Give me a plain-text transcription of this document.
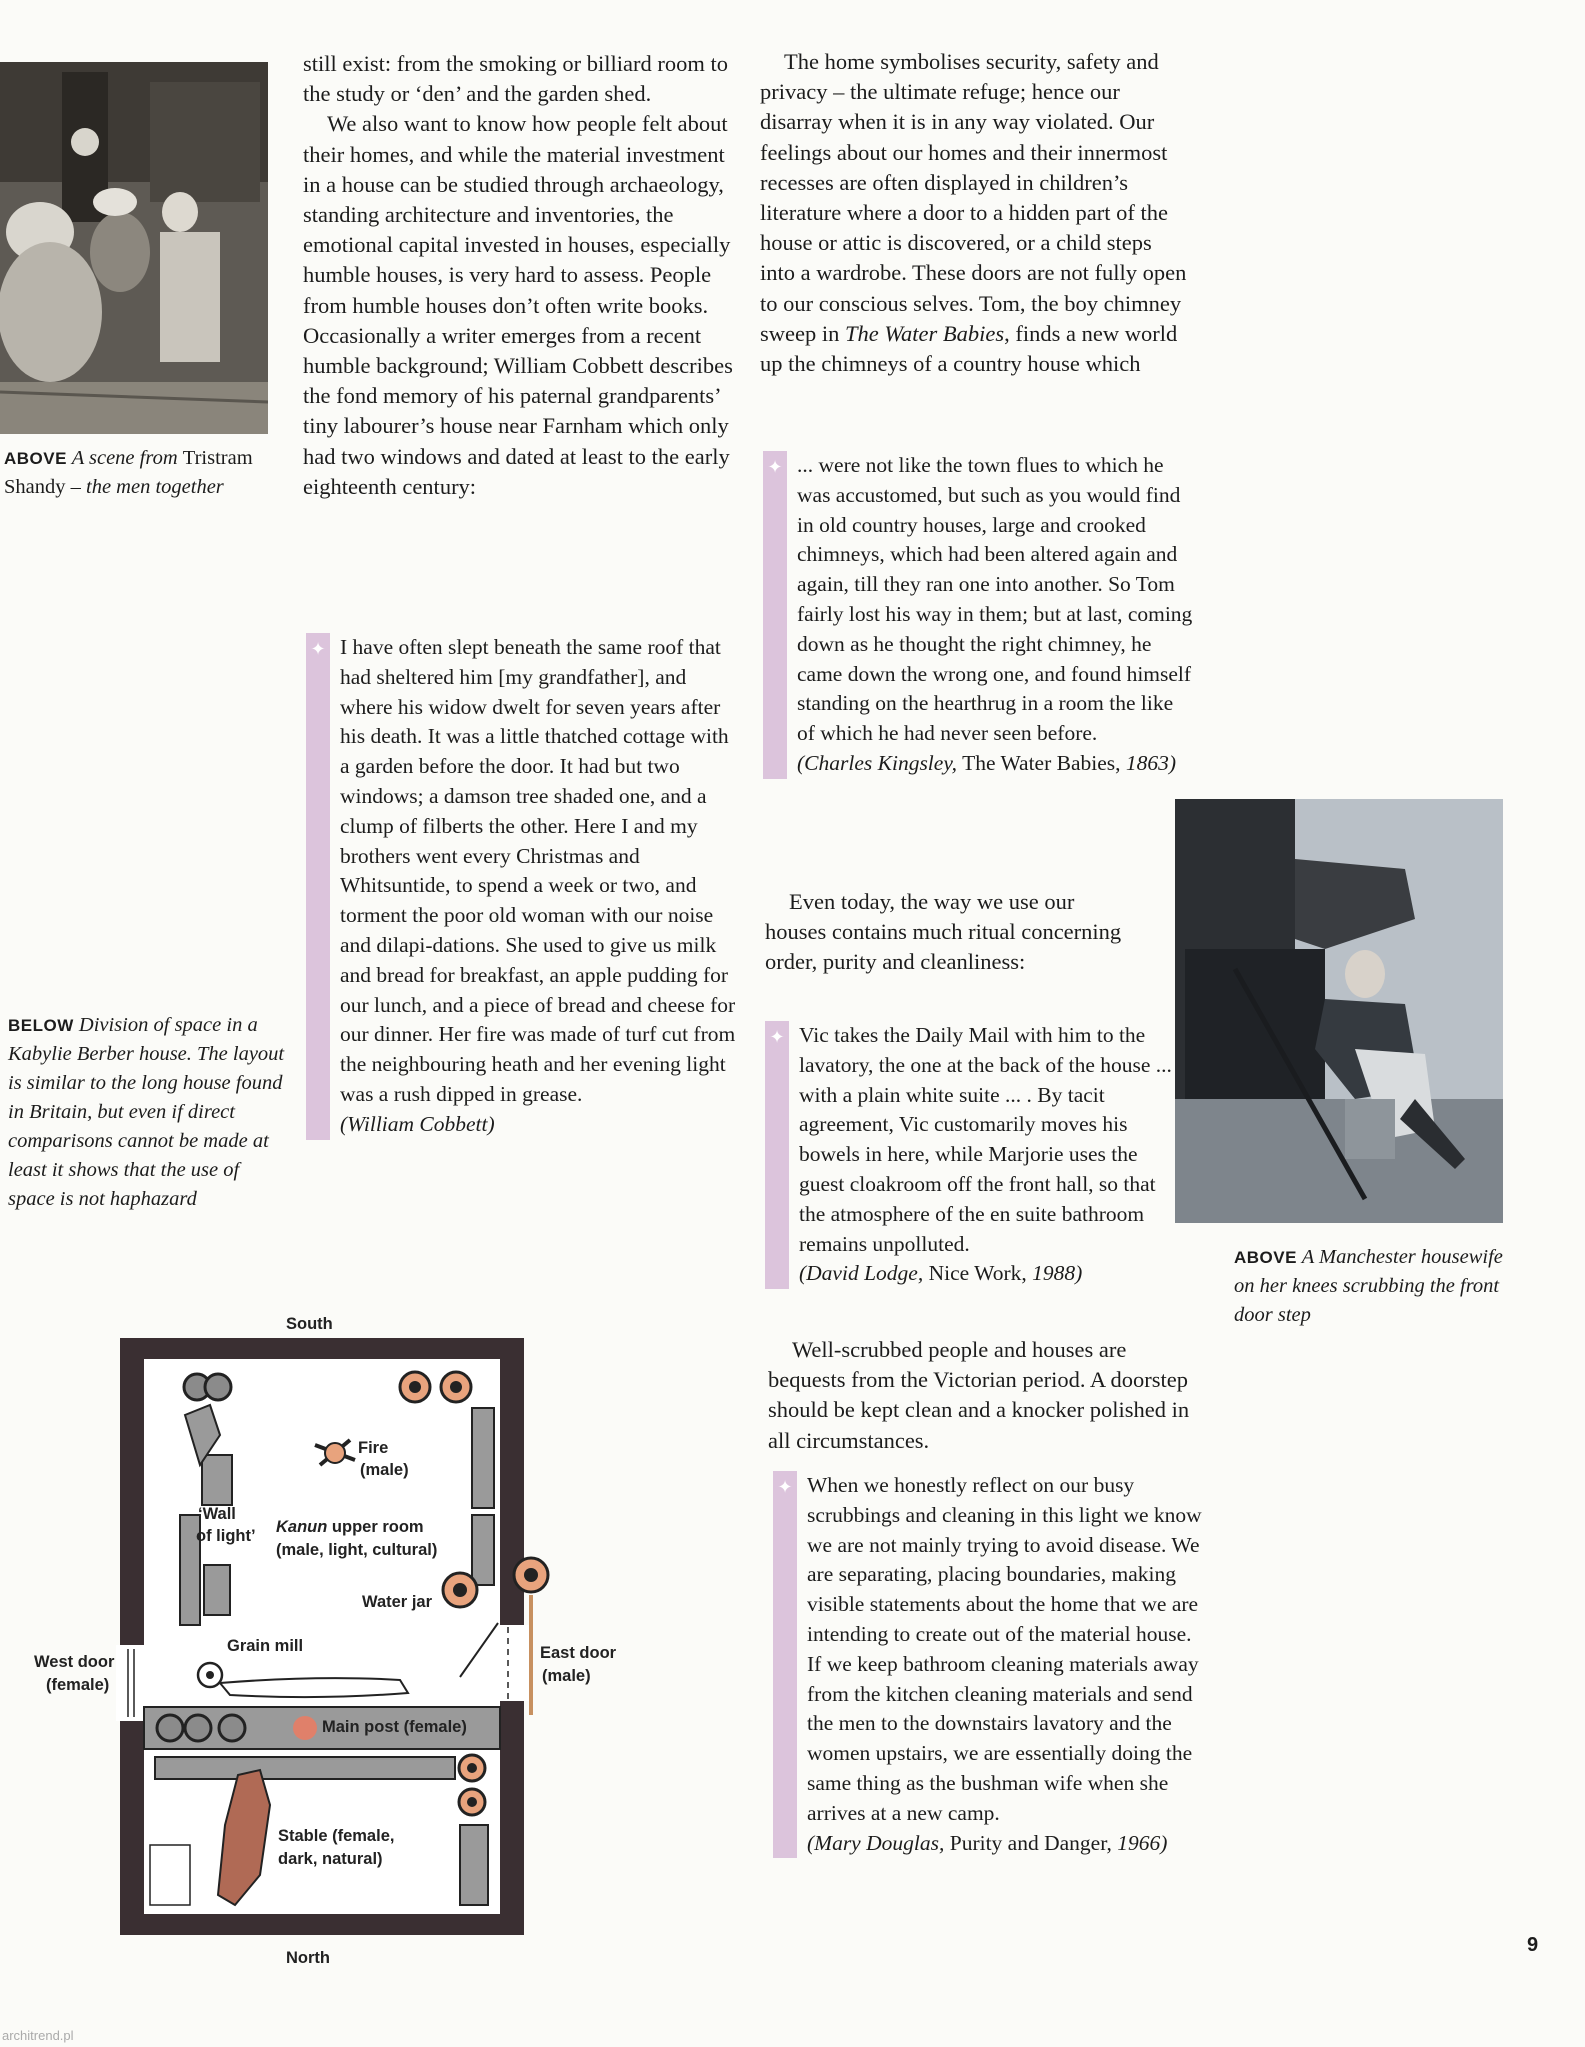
ABOVE A scene from Tristram Shandy – the men together
BELOW Division of space in a Kabylie Berber house. The layout is similar to the long house found in Britain, but even if direct comparisons cannot be made at least it shows that the use of space is not haphazard

still exist: from the smoking or billiard room to the study or ‘den’ and the garden shed.

We also want to know how people felt about their homes, and while the material investment in a house can be studied through archaeology, standing architecture and inventories, the emotional capital invested in houses, especially humble houses, is very hard to assess. People from humble houses don’t often write books. Occasionally a writer emerges from a recent humble background; William Cobbett describes the fond memory of his paternal grandparents’ tiny labourer’s house near Farnham which only had two windows and dated at least to the early eighteenth century:

✦ I have often slept beneath the same roof that had sheltered him [my grandfather], and where his widow dwelt for seven years after his death. It was a little thatched cottage with a garden before the door. It had but two windows; a damson tree shaded one, and a clump of filberts the other. Here I and my brothers went every Christmas and Whitsuntide, to spend a week or two, and torment the poor old woman with our noise and dilapi-dations. She used to give us milk and bread for breakfast, an apple pudding for our lunch, and a piece of bread and cheese for our dinner. Her fire was made of turf cut from the neighbouring heath and her evening light was a rush dipped in grease.
(William Cobbett)
South
North
Fire
(male)
‘Wall
of light’ Kanun upper room
(male, light, cultural)
Water jar
Grain mill
West door
(female)
East door
(male)
Main post (female)
Stable (female,
dark, natural)

The home symbolises security, safety and privacy – the ultimate refuge; hence our disarray when it is in any way violated. Our feelings about our homes and their innermost recesses are often displayed in children’s literature where a door to a hidden part of the house or attic is discovered, or a child steps into a wardrobe. These doors are not fully open to our conscious selves. Tom, the boy chimney sweep in The Water Babies, finds a new world up the chimneys of a country house which

✦ ... were not like the town flues to which he was accustomed, but such as you would find in old country houses, large and crooked chimneys, which had been altered again and again, till they ran one into another. So Tom fairly lost his way in them; but at last, coming down as he thought the right chimney, he came down the wrong one, and found himself standing on the hearthrug in a room the like of which he had never seen before.
(Charles Kingsley, The Water Babies, 1863)

Even today, the way we use our houses contains much ritual concerning order, purity and cleanliness:

✦ Vic takes the Daily Mail with him to the lavatory, the one at the back of the house ... with a plain white suite ... . By tacit agreement, Vic customarily moves his bowels in here, while Marjorie uses the guest cloakroom off the front hall, so that the atmosphere of the en suite bathroom remains unpolluted.
(David Lodge, Nice Work, 1988)

Well-scrubbed people and houses are bequests from the Victorian period. A doorstep should be kept clean and a knocker polished in all circumstances.

✦ When we honestly reflect on our busy scrubbings and cleaning in this light we know we are not mainly trying to avoid disease. We are separating, placing boundaries, making visible statements about the home that we are intending to create out of the material house. If we keep bathroom cleaning materials away from the kitchen cleaning materials and send the men to the downstairs lavatory and the women upstairs, we are essentially doing the same thing as the bushman wife when she arrives at a new camp.
(Mary Douglas, Purity and Danger, 1966)
ABOVE A Manchester housewife on her knees scrubbing the front door step
9
architrend.pl
